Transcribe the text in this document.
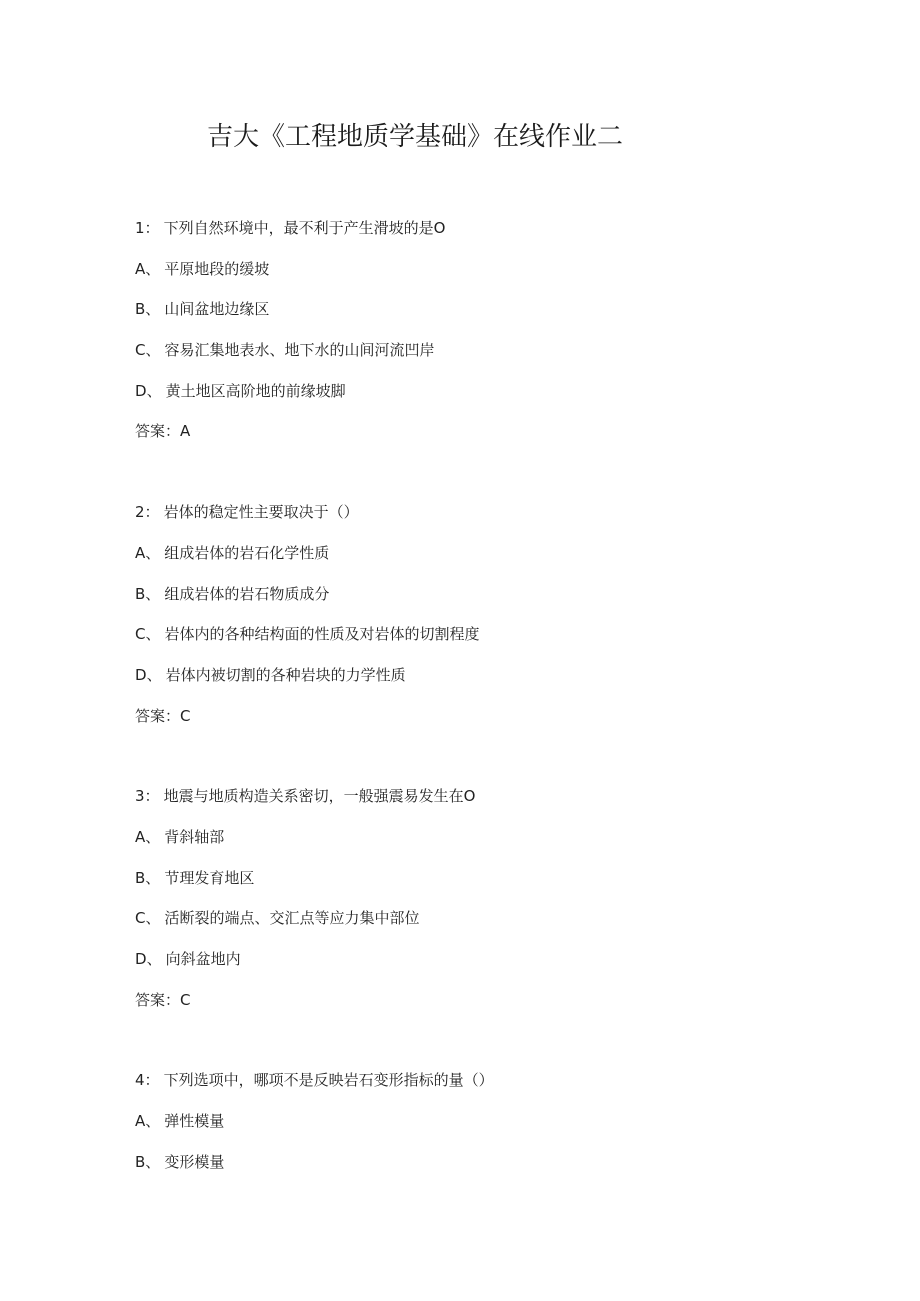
吉大《工程地质学基础》在线作业二
1： 下列自然环境中，最不利于产生滑坡的是O
A、 平原地段的缓坡
B、 山间盆地边缘区
C、 容易汇集地表水、地下水的山间河流凹岸
D、 黄土地区高阶地的前缘坡脚
答案：A
2： 岩体的稳定性主要取决于（）
A、 组成岩体的岩石化学性质
B、 组成岩体的岩石物质成分
C、 岩体内的各种结构面的性质及对岩体的切割程度
D、 岩体内被切割的各种岩块的力学性质
答案：C
3： 地震与地质构造关系密切，一般强震易发生在O
A、 背斜轴部
B、 节理发育地区
C、 活断裂的端点、交汇点等应力集中部位
D、 向斜盆地内
答案：C
4： 下列选项中，哪项不是反映岩石变形指标的量（）
A、 弹性模量
B、 变形模量
